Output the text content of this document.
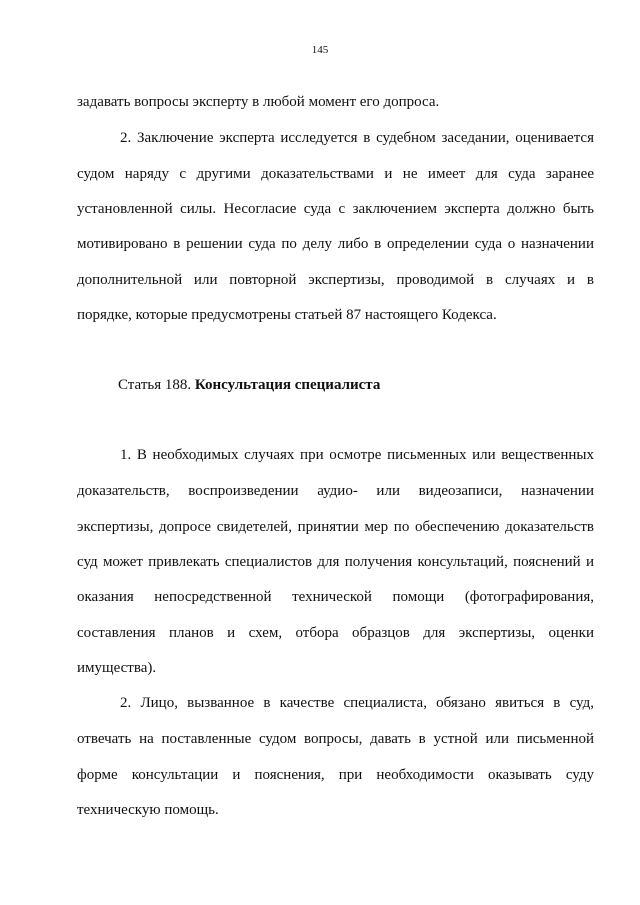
145
задавать вопросы эксперту в любой момент его допроса.
2. Заключение эксперта исследуется в судебном заседании, оценивается
судом наряду с другими доказательствами и не имеет для суда заранее
установленной силы. Несогласие суда с заключением эксперта должно быть
мотивировано в решении суда по делу либо в определении суда о назначении
дополнительной или повторной экспертизы, проводимой в случаях и в
порядке, которые предусмотрены статьей 87 настоящего Кодекса.
Статья 188. Консультация специалиста
1. В необходимых случаях при осмотре письменных или вещественных
доказательств, воспроизведении аудио- или видеозаписи, назначении
экспертизы, допросе свидетелей, принятии мер по обеспечению доказательств
суд может привлекать специалистов для получения консультаций, пояснений и
оказания непосредственной технической помощи (фотографирования,
составления планов и схем, отбора образцов для экспертизы, оценки
имущества).
2. Лицо, вызванное в качестве специалиста, обязано явиться в суд,
отвечать на поставленные судом вопросы, давать в устной или письменной
форме консультации и пояснения, при необходимости оказывать суду
техническую помощь.
